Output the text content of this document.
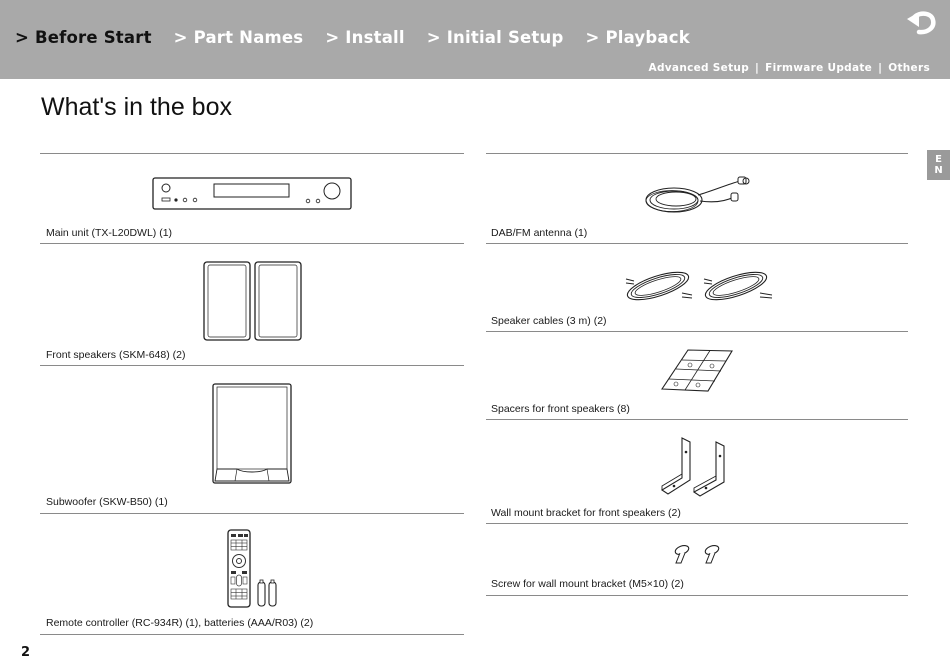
> Before Start > Part Names > Install > Initial Setup > Playback
Advanced Setup | Firmware Update | Others
What's in the box
E
N
Main unit (TX-L20DWL) (1)
Front speakers (SKM-648) (2)
Subwoofer (SKW-B50) (1)
Remote controller (RC-934R) (1), batteries (AAA/R03) (2)
DAB/FM antenna (1)
Speaker cables (3 m) (2)
Spacers for front speakers (8)
Wall mount bracket for front speakers (2)
Screw for wall mount bracket (M5×10) (2)
2
